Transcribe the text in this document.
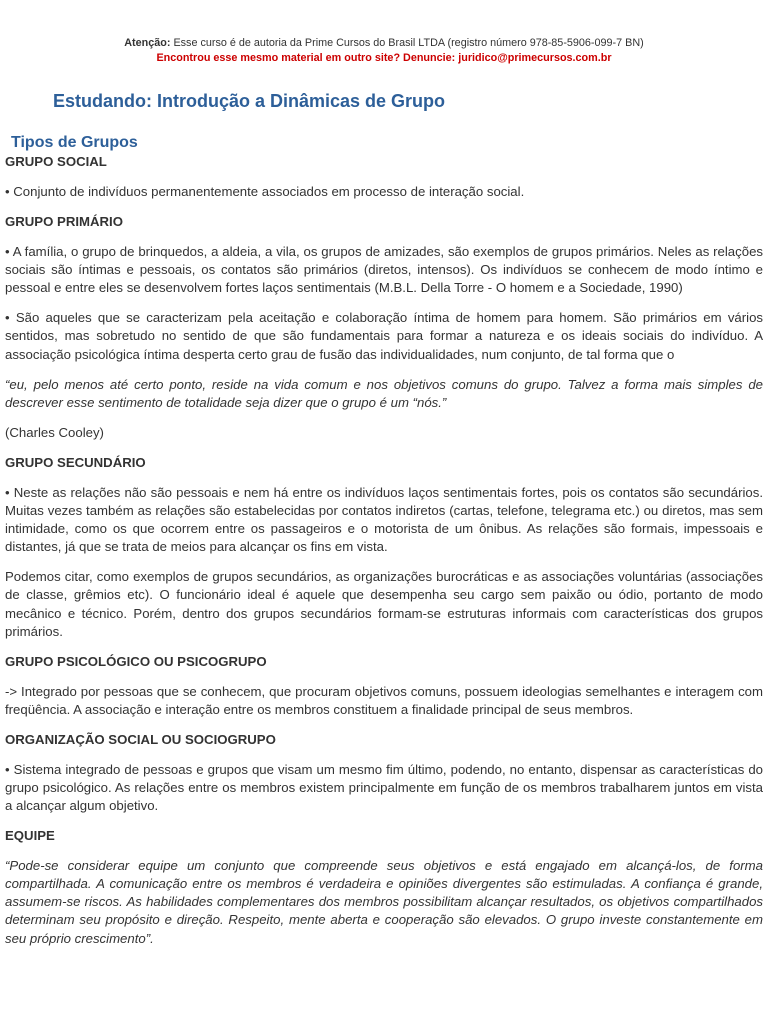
Atenção: Esse curso é de autoria da Prime Cursos do Brasil LTDA (registro número 978-85-5906-099-7 BN)
Encontrou esse mesmo material em outro site? Denuncie: juridico@primecursos.com.br
Estudando: Introdução a Dinâmicas de Grupo
Tipos de Grupos
GRUPO SOCIAL

• Conjunto de indivíduos permanentemente associados em processo de interação social.

GRUPO PRIMÁRIO

• A família, o grupo de brinquedos, a aldeia, a vila, os grupos de amizades, são exemplos de grupos primários. Neles as relações sociais são íntimas e pessoais, os contatos são primários (diretos, intensos). Os indivíduos se conhecem de modo íntimo e pessoal e entre eles se desenvolvem fortes laços sentimentais (M.B.L. Della Torre - O homem e a Sociedade, 1990)

• São aqueles que se caracterizam pela aceitação e colaboração íntima de homem para homem. São primários em vários sentidos, mas sobretudo no sentido de que são fundamentais para formar a natureza e os ideais sociais do indivíduo. A associação psicológica íntima desperta certo grau de fusão das individualidades, num conjunto, de tal forma que o

“eu, pelo menos até certo ponto, reside na vida comum e nos objetivos comuns do grupo. Talvez a forma mais simples de descrever esse sentimento de totalidade seja dizer que o grupo é um “nós.”

(Charles Cooley)

GRUPO SECUNDÁRIO

• Neste as relações não são pessoais e nem há entre os indivíduos laços sentimentais fortes, pois os contatos são secundários. Muitas vezes também as relações são estabelecidas por contatos indiretos (cartas, telefone, telegrama etc.) ou diretos, mas sem intimidade, como os que ocorrem entre os passageiros e o motorista de um ônibus. As relações são formais, impessoais e distantes, já que se trata de meios para alcançar os fins em vista.

Podemos citar, como exemplos de grupos secundários, as organizações burocráticas e as associações voluntárias (associações de classe, grêmios etc). O funcionário ideal é aquele que desempenha seu cargo sem paixão ou ódio, portanto de modo mecânico e técnico. Porém, dentro dos grupos secundários formam-se estruturas informais com características dos grupos primários.

GRUPO PSICOLÓGICO OU PSICOGRUPO

-> Integrado por pessoas que se conhecem, que procuram objetivos comuns, possuem ideologias semelhantes e interagem com freqüência. A associação e interação entre os membros constituem a finalidade principal de seus membros.

ORGANIZAÇÃO SOCIAL OU SOCIOGRUPO

• Sistema integrado de pessoas e grupos que visam um mesmo fim último, podendo, no entanto, dispensar as características do grupo psicológico. As relações entre os membros existem principalmente em função de os membros trabalharem juntos em vista a alcançar algum objetivo.

EQUIPE

“Pode-se considerar equipe um conjunto que compreende seus objetivos e está engajado em alcançá-los, de forma compartilhada. A comunicação entre os membros é verdadeira e opiniões divergentes são estimuladas. A confiança é grande, assumem-se riscos. As habilidades complementares dos membros possibilitam alcançar resultados, os objetivos compartilhados determinam seu propósito e direção. Respeito, mente aberta e cooperação são elevados. O grupo investe constantemente em seu próprio crescimento”.
